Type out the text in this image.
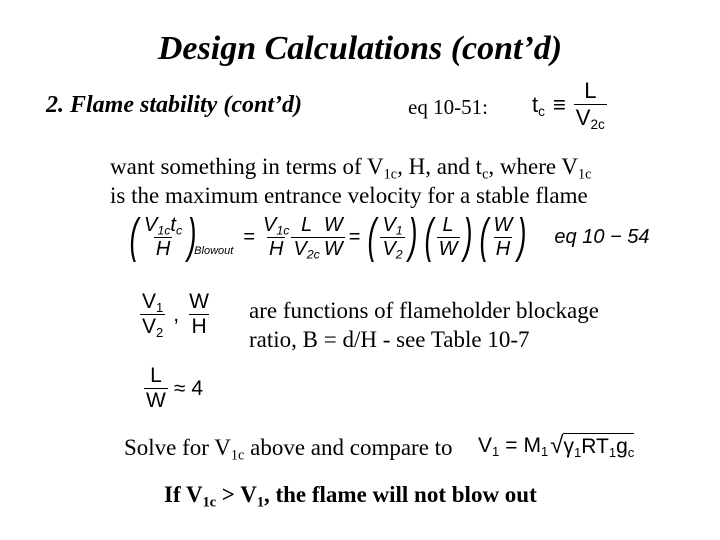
Design Calculations (cont’d)
2. Flame stability (cont’d)	eq 10-51: $t_c \equiv \frac{L}{V_{2c}}$
want something in terms of $V_{1c}$, H, and $t_c$, where $V_{1c}$
is the maximum entrance velocity for a stable flame
( $\frac{V_{1c}t_c}{H}$ )
Blowout
= $\frac{V_{1c}}{H} \frac{L}{V_{2c}} \frac{W}{W}$ = ( $\frac{V_1}{V_2}$ ) ( $\frac{L}{W}$ ) ( $\frac{W}{H}$ ) eq 10 − 54
$\frac{V_1}{V_2}$ , $\frac{W}{H}$ are functions of flameholder blockage
ratio, B = d/H - see Table 10-7
$\frac{L}{W} \approx 4$
Solve for $V_{1c}$ above and compare to $V_1 = M_1$ √ $\gamma_1RT_1g_c$
If $V_{1c} > V_1$, the flame will not blow out
